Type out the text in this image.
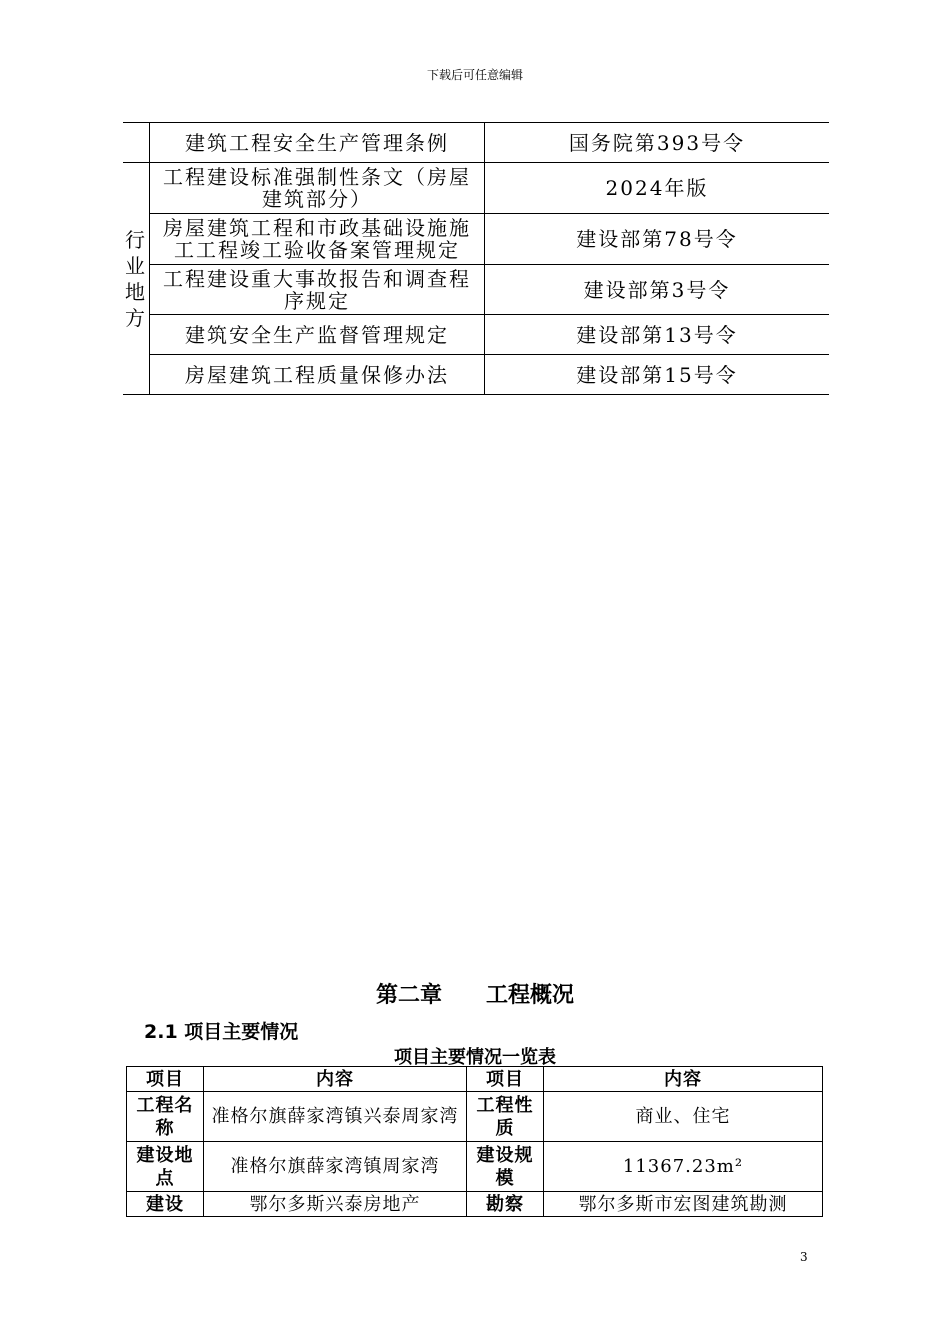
下载后可任意编辑
	建筑工程安全生产管理条例	国务院第393号令
行业地方	工程建设标准强制性条文（房屋建筑部分）	2024年版
	房屋建筑工程和市政基础设施施工工程竣工验收备案管理规定	建设部第78号令
	工程建设重大事故报告和调查程序规定	建设部第3号令
	建筑安全生产监督管理规定	建设部第13号令
	房屋建筑工程质量保修办法	建设部第15号令
第二章 工程概况
2.1 项目主要情况
项目主要情况一览表
项目	内容	项目	内容
工程名称	准格尔旗薛家湾镇兴泰周家湾	工程性质	商业、住宅
建设地点	准格尔旗薛家湾镇周家湾	建设规模	11367.23m²
建设	鄂尔多斯兴泰房地产	勘察	鄂尔多斯市宏图建筑勘测
3
